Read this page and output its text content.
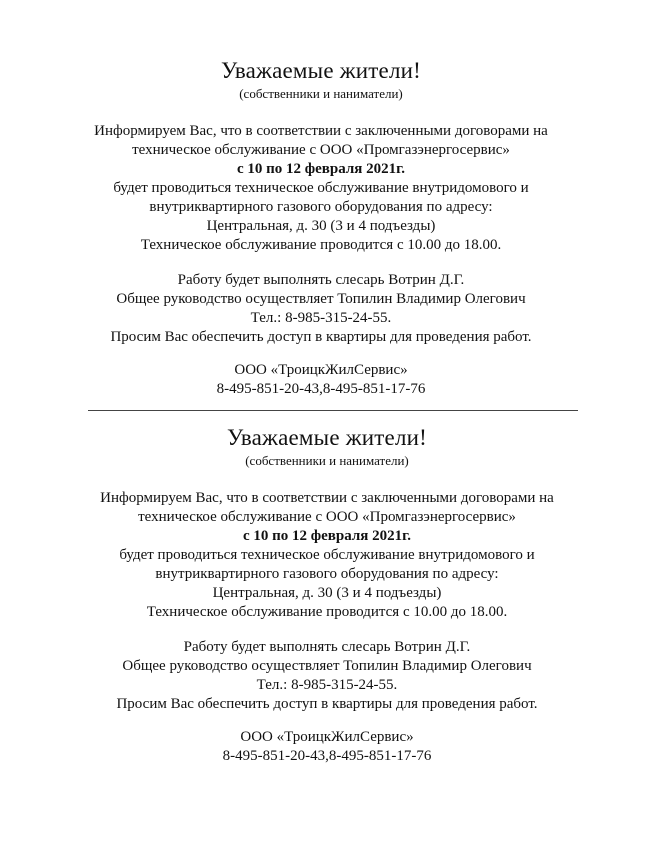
Уважаемые жители!
(собственники и наниматели)
Информируем Вас, что в соответствии с заключенными договорами на
техническое обслуживание с ООО «Промгазэнергосервис»
с 10 по 12 февраля 2021г.
будет проводиться техническое обслуживание внутридомового и
внутриквартирного газового оборудования по адресу:
Центральная, д. 30 (3 и 4 подъезды)
Техническое обслуживание проводится с 10.00 до 18.00.
Работу будет выполнять слесарь Вотрин Д.Г.
Общее руководство осуществляет Топилин Владимир Олегович
Тел.: 8-985-315-24-55.
Просим Вас обеспечить доступ в квартиры для проведения работ.
ООО «ТроицкЖилСервис»
8-495-851-20-43,8-495-851-17-76
Уважаемые жители!
(собственники и наниматели)
Информируем Вас, что в соответствии с заключенными договорами на
техническое обслуживание с ООО «Промгазэнергосервис»
с 10 по 12 февраля 2021г.
будет проводиться техническое обслуживание внутридомового и
внутриквартирного газового оборудования по адресу:
Центральная, д. 30 (3 и 4 подъезды)
Техническое обслуживание проводится с 10.00 до 18.00.
Работу будет выполнять слесарь Вотрин Д.Г.
Общее руководство осуществляет Топилин Владимир Олегович
Тел.: 8-985-315-24-55.
Просим Вас обеспечить доступ в квартиры для проведения работ.
ООО «ТроицкЖилСервис»
8-495-851-20-43,8-495-851-17-76
